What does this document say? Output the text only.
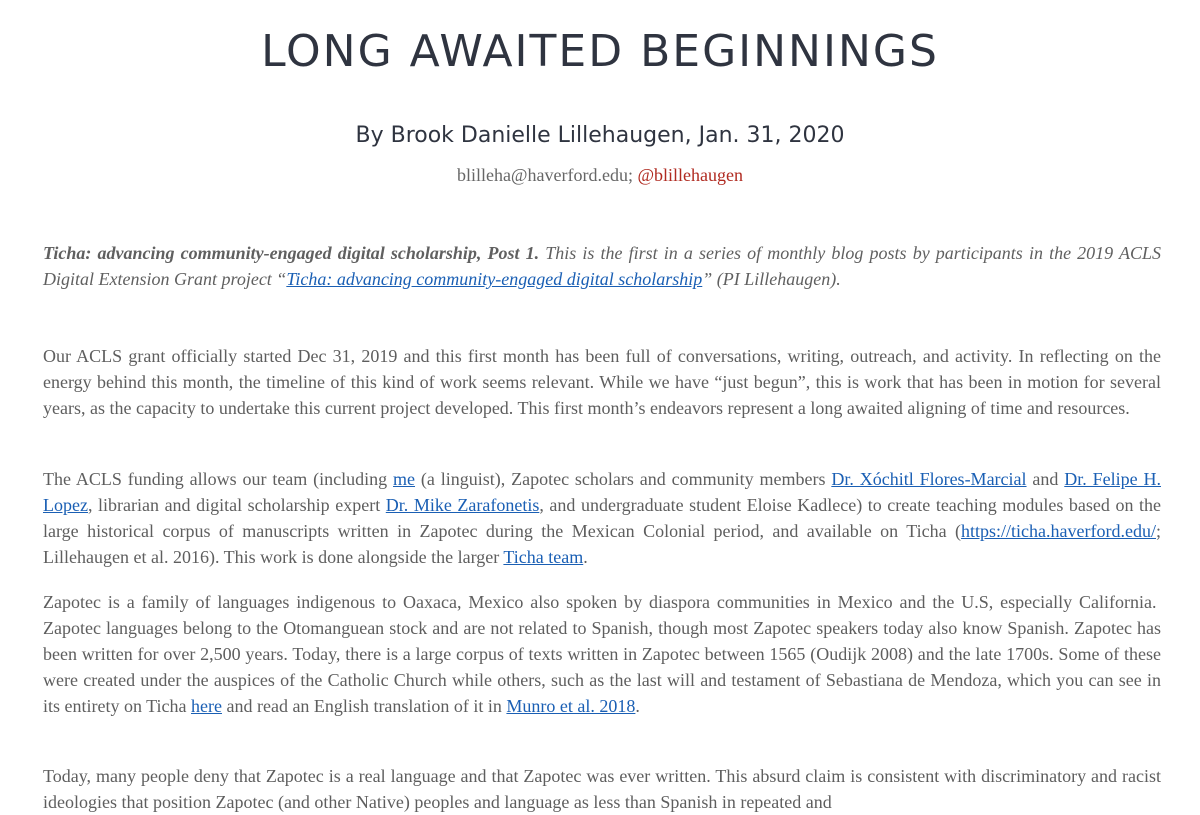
LONG AWAITED BEGINNINGS

By Brook Danielle Lillehaugen, Jan. 31, 2020

blilleha@haverford.edu; @blillehaugen

Ticha: advancing community-engaged digital scholarship, Post 1. This is the first in a series of monthly blog posts by participants in the 2019 ACLS Digital Extension Grant project “Ticha: advancing community-engaged digital scholarship” (PI Lillehaugen).

Our ACLS grant officially started Dec 31, 2019 and this first month has been full of conversations, writing, outreach, and activity. In reflecting on the energy behind this month, the timeline of this kind of work seems relevant. While we have “just begun”, this is work that has been in motion for several years, as the capacity to undertake this current project developed. This first month’s endeavors represent a long awaited aligning of time and resources.

The ACLS funding allows our team (including me (a linguist), Zapotec scholars and community members Dr. Xóchitl Flores-Marcial and Dr. Felipe H. Lopez, librarian and digital scholarship expert Dr. Mike Zarafonetis, and undergraduate student Eloise Kadlece) to create teaching modules based on the large historical corpus of manuscripts written in Zapotec during the Mexican Colonial period, and available on Ticha (https://ticha.haverford.edu/; Lillehaugen et al. 2016). This work is done alongside the larger Ticha team.

Zapotec is a family of languages indigenous to Oaxaca, Mexico also spoken by diaspora communities in Mexico and the U.S, especially California.  Zapotec languages belong to the Otomanguean stock and are not related to Spanish, though most Zapotec speakers today also know Spanish. Zapotec has been written for over 2,500 years. Today, there is a large corpus of texts written in Zapotec between 1565 (Oudijk 2008) and the late 1700s. Some of these were created under the auspices of the Catholic Church while others, such as the last will and testament of Sebastiana de Mendoza, which you can see in its entirety on Ticha here and read an English translation of it in Munro et al. 2018.

Today, many people deny that Zapotec is a real language and that Zapotec was ever written. This absurd claim is consistent with discriminatory and racist ideologies that position Zapotec (and other Native) peoples and language as less than Spanish in repeated and
